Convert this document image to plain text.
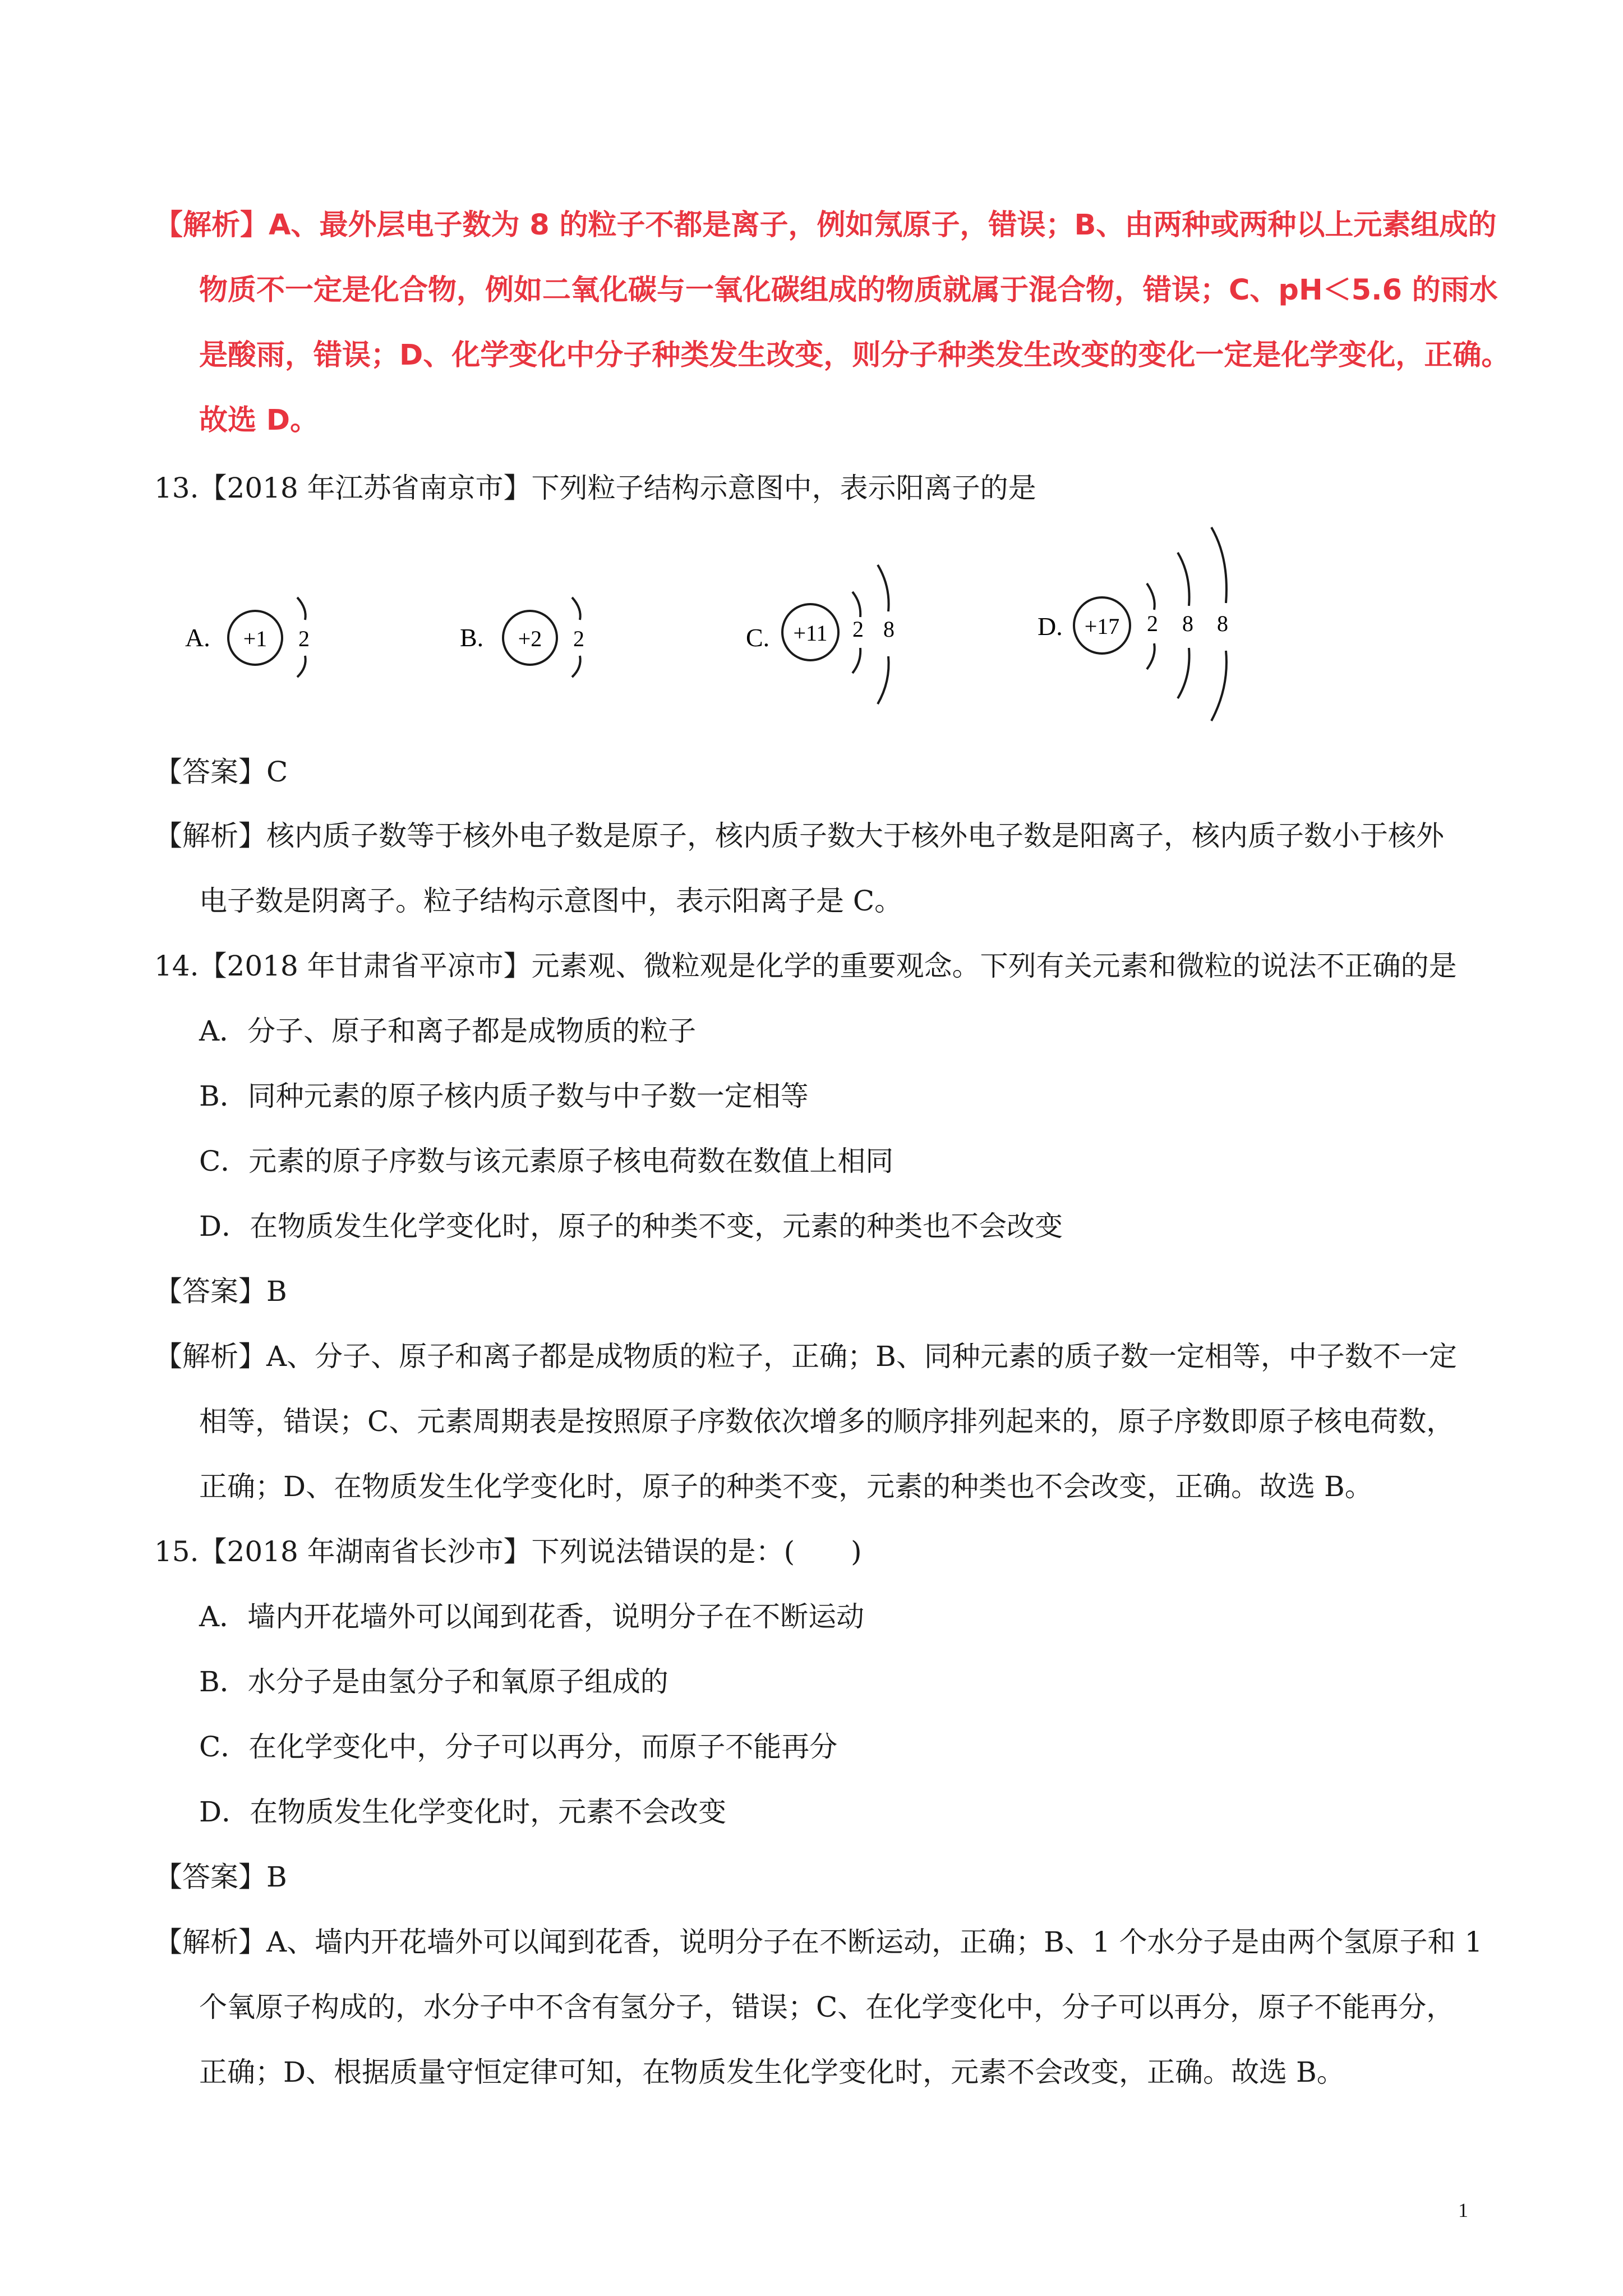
【解析】A、最外层电子数为 8 的粒子不都是离子，例如氖原子，错误；B、由两种或两种以上元素组成的
物质不一定是化合物，例如二氧化碳与一氧化碳组成的物质就属于混合物，错误；C、pH＜5.6 的雨水
是酸雨，错误；D、化学变化中分子种类发生改变，则分子种类发生改变的变化一定是化学变化，正确。
故选 D。
13.【2018 年江苏省南京市】下列粒子结构示意图中，表示阳离子的是
A. +1 2	B. +2 2	C. +11 2 8	D. +17 2 8 8
【答案】C
【解析】核内质子数等于核外电子数是原子，核内质子数大于核外电子数是阳离子，核内质子数小于核外
电子数是阴离子。粒子结构示意图中，表示阳离子是 C。
14.【2018 年甘肃省平凉市】元素观、微粒观是化学的重要观念。下列有关元素和微粒的说法不正确的是
A．分子、原子和离子都是成物质的粒子
B．同种元素的原子核内质子数与中子数一定相等
C．元素的原子序数与该元素原子核电荷数在数值上相同
D．在物质发生化学变化时，原子的种类不变，元素的种类也不会改变
【答案】B
【解析】A、分子、原子和离子都是成物质的粒子，正确；B、同种元素的质子数一定相等，中子数不一定
相等，错误；C、元素周期表是按照原子序数依次增多的顺序排列起来的，原子序数即原子核电荷数，
正确；D、在物质发生化学变化时，原子的种类不变，元素的种类也不会改变，正确。故选 B。
15.【2018 年湖南省长沙市】下列说法错误的是：(　　)
A．墙内开花墙外可以闻到花香，说明分子在不断运动
B．水分子是由氢分子和氧原子组成的
C．在化学变化中，分子可以再分，而原子不能再分
D．在物质发生化学变化时，元素不会改变
【答案】B
【解析】A、墙内开花墙外可以闻到花香，说明分子在不断运动，正确；B、1 个水分子是由两个氢原子和 1
个氧原子构成的，水分子中不含有氢分子，错误；C、在化学变化中，分子可以再分，原子不能再分，
正确；D、根据质量守恒定律可知，在物质发生化学变化时，元素不会改变，正确。故选 B。
1
